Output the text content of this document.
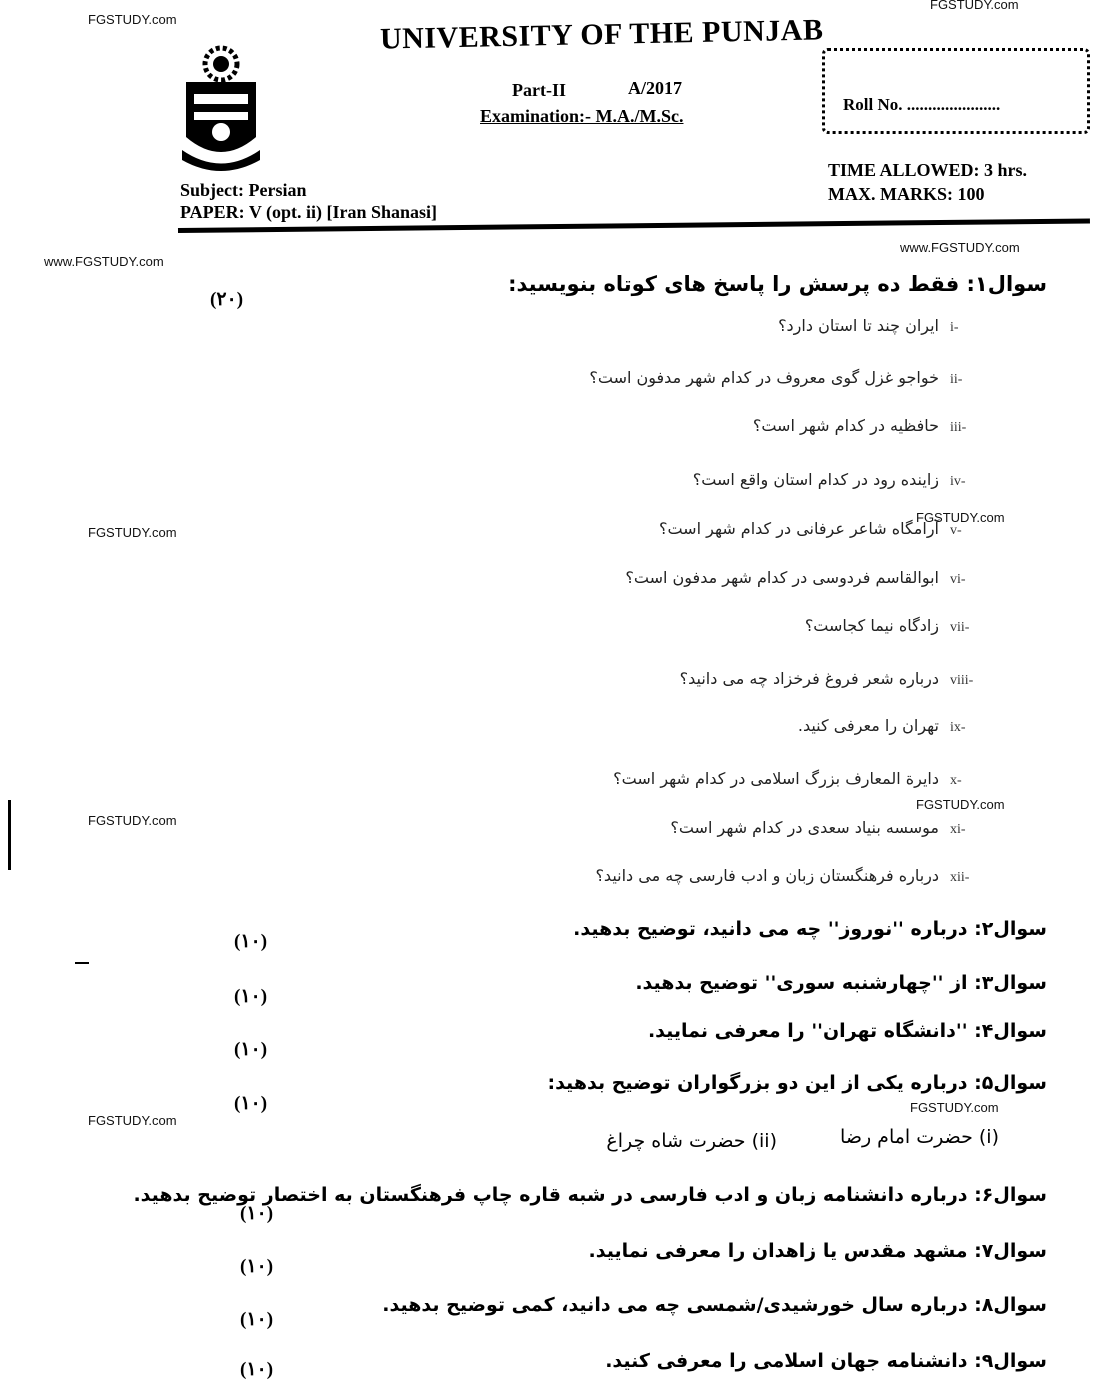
FGSTUDY.com
FGSTUDY.com
www.FGSTUDY.com
www.FGSTUDY.com
FGSTUDY.com
FGSTUDY.com
FGSTUDY.com
FGSTUDY.com
FGSTUDY.com
FGSTUDY.com
UNIVERSITY OF THE PUNJAB
Part-II	A/2017
Examination:- M.A./M.Sc.
Roll No. ......................
Subject: Persian
PAPER: V (opt. ii) [Iran Shanasi]
TIME ALLOWED: 3 hrs.
MAX. MARKS: 100
سوال۱: فقط ده پرسش را پاسخ های کوتاه بنویسید:
(۲۰)
i-
ایران چند تا استان دارد؟
ii-
خواجو غزل گوی معروف در کدام شهر مدفون است؟
iii-
حافظیه در کدام شهر است؟
iv-
زاینده رود در کدام استان واقع است؟
v-
آرامگاه شاعر عرفانی در کدام شهر است؟
vi-
ابوالقاسم فردوسی در کدام شهر مدفون است؟
vii-
زادگاه نیما کجاست؟
viii-
درباره شعر فروغ فرخزاد چه می دانید؟
ix-
تهران را معرفی کنید.
x-
دایرة المعارف بزرگ اسلامی در کدام شهر است؟
xi-
موسسه بنیاد سعدی در کدام شهر است؟
xii-
درباره فرهنگستان زبان و ادب فارسی چه می دانید؟
سوال۲: درباره ''نوروز'' چه می دانید، توضیح بدهید.
(۱۰)
سوال۳: از ''چهارشنبه سوری'' توضیح بدهید.
(۱۰)
سوال۴: ''دانشگاه تهران'' را معرفی نمایید.
(۱۰)
سوال۵: درباره یکی از این دو بزرگواران توضیح بدهید:
(۱۰)
(i) حضرت امام رضا
(ii) حضرت شاه چراغ
سوال۶: درباره دانشنامه زبان و ادب فارسی در شبه قاره چاپ فرهنگستان به اختصار توضیح بدهید.
(۱۰)
سوال۷: مشهد مقدس یا زاهدان را معرفی نمایید.
(۱۰)
سوال۸: درباره سال خورشیدی/شمسی چه می دانید، کمی توضیح بدهید.
(۱۰)
سوال۹: دانشنامه جهان اسلامی را معرفی کنید.
(۱۰)
